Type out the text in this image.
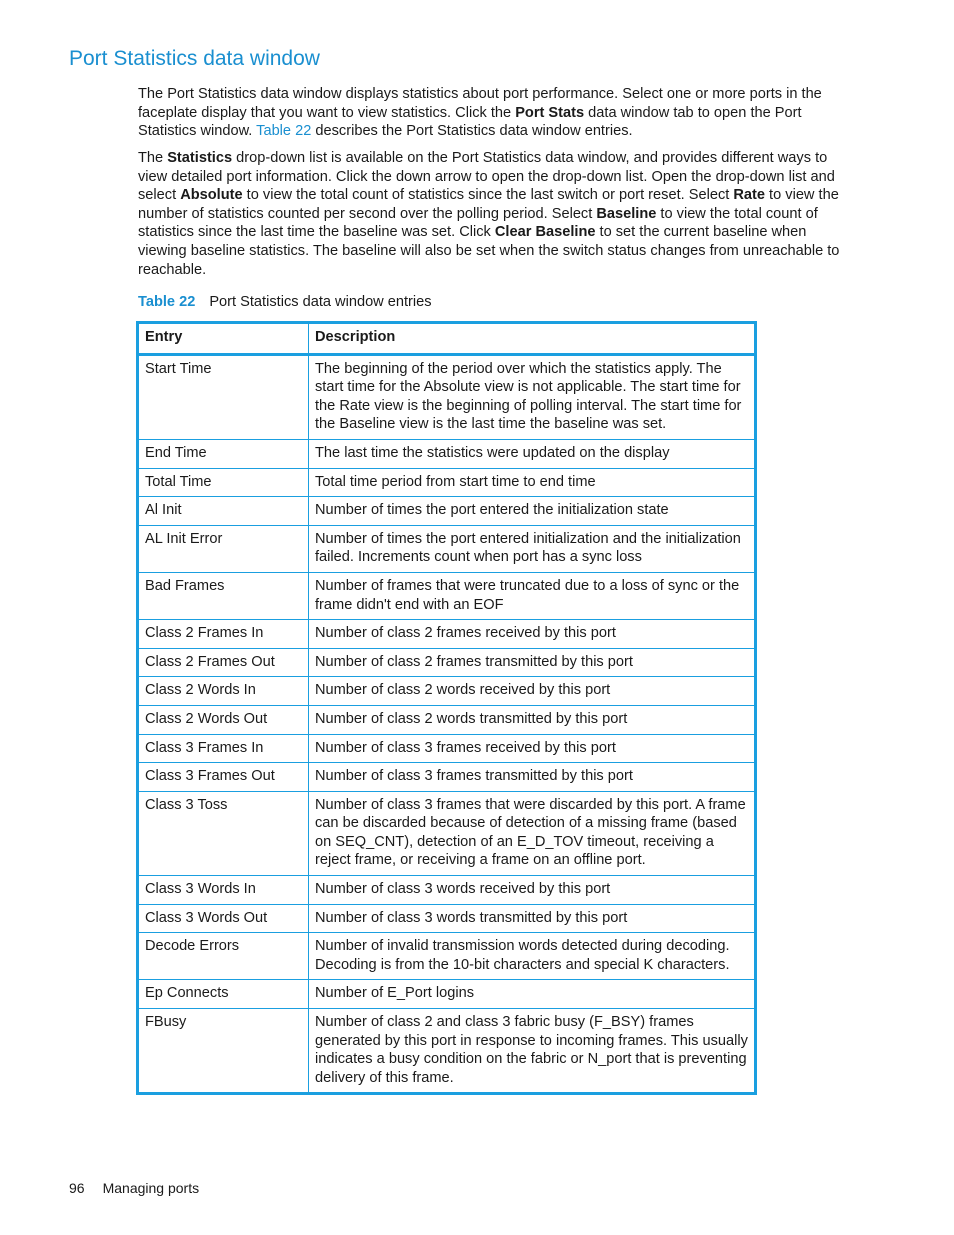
Port Statistics data window

The Port Statistics data window displays statistics about port performance. Select one or more ports in the faceplate display that you want to view statistics. Click the Port Stats data window tab to open the Port Statistics window. Table 22 describes the Port Statistics data window entries.

The Statistics drop-down list is available on the Port Statistics data window, and provides different ways to view detailed port information. Click the down arrow to open the drop-down list. Open the drop-down list and select Absolute to view the total count of statistics since the last switch or port reset. Select Rate to view the number of statistics counted per second over the polling period. Select Baseline to view the total count of statistics since the last time the baseline was set. Click Clear Baseline to set the current baseline when viewing baseline statistics. The baseline will also be set when the switch status changes from unreachable to reachable.

Table 22 Port Statistics data window entries
Entry	Description
Start Time	The beginning of the period over which the statistics apply. The start time for the Absolute view is not applicable. The start time for the Rate view is the beginning of polling interval. The start time for the Baseline view is the last time the baseline was set.
End Time	The last time the statistics were updated on the display
Total Time	Total time period from start time to end time
Al Init	Number of times the port entered the initialization state
AL Init Error	Number of times the port entered initialization and the initialization failed. Increments count when port has a sync loss
Bad Frames	Number of frames that were truncated due to a loss of sync or the frame didn't end with an EOF
Class 2 Frames In	Number of class 2 frames received by this port
Class 2 Frames Out	Number of class 2 frames transmitted by this port
Class 2 Words In	Number of class 2 words received by this port
Class 2 Words Out	Number of class 2 words transmitted by this port
Class 3 Frames In	Number of class 3 frames received by this port
Class 3 Frames Out	Number of class 3 frames transmitted by this port
Class 3 Toss	Number of class 3 frames that were discarded by this port. A frame can be discarded because of detection of a missing frame (based on SEQ_CNT), detection of an E_D_TOV timeout, receiving a reject frame, or receiving a frame on an offline port.
Class 3 Words In	Number of class 3 words received by this port
Class 3 Words Out	Number of class 3 words transmitted by this port
Decode Errors	Number of invalid transmission words detected during decoding. Decoding is from the 10-bit characters and special K characters.
Ep Connects	Number of E_Port logins
FBusy	Number of class 2 and class 3 fabric busy (F_BSY) frames generated by this port in response to incoming frames. This usually indicates a busy condition on the fabric or N_port that is preventing delivery of this frame.
96 Managing ports
